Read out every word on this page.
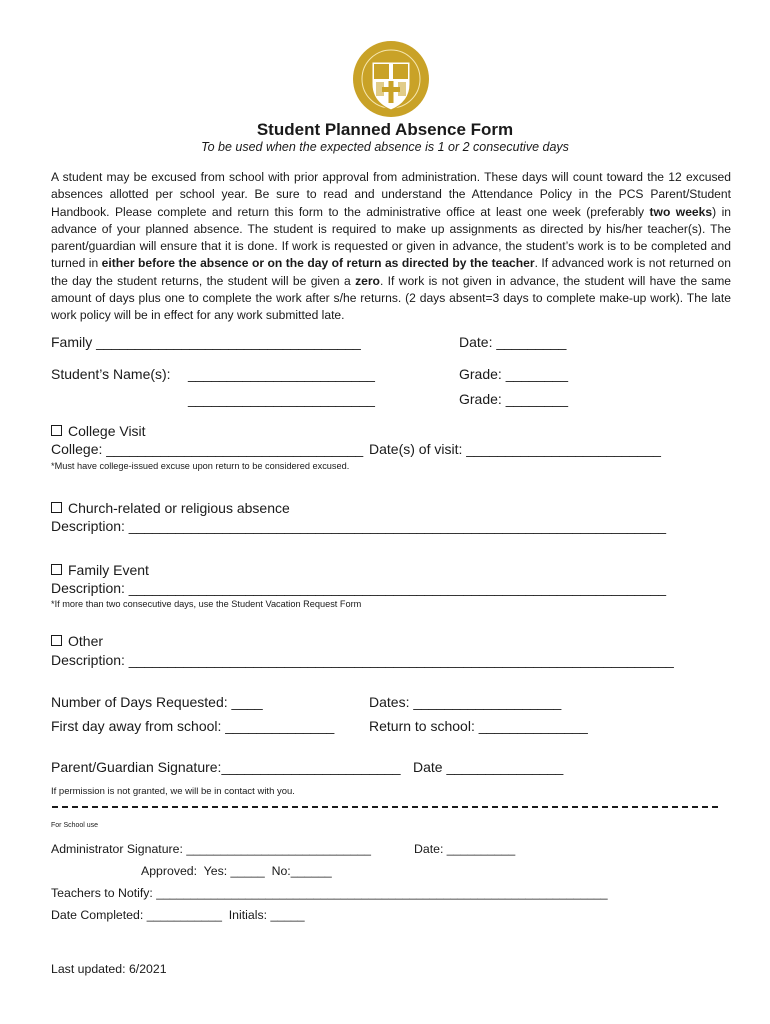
Student Planned Absence Form
To be used when the expected absence is 1 or 2 consecutive days
A student may be excused from school with prior approval from administration. These days will count toward the 12 excused absences allotted per school year. Be sure to read and understand the Attendance Policy in the PCS Parent/Student Handbook. Please complete and return this form to the administrative office at least one week (preferably two weeks) in advance of your planned absence. The student is required to make up assignments as directed by his/her teacher(s). The parent/guardian will ensure that it is done. If work is requested or given in advance, the student’s work is to be completed and turned in either before the absence or on the day of return as directed by the teacher. If advanced work is not returned on the day the student returns, the student will be given a zero. If work is not given in advance, the student will have the same amount of days plus one to complete the work after s/he returns. (2 days absent=3 days to complete make-up work). The late work policy will be in effect for any work submitted late.
Family __________________________________	Date: _________
Student’s Name(s): ________________________	Grade: ________
________________________	Grade: ________
College Visit
College: _________________________________ Date(s) of visit: _________________________
*Must have college-issued excuse upon return to be considered excused.
Church-related or religious absence
Description: _____________________________________________________________________
Family Event
Description: _____________________________________________________________________
*If more than two consecutive days, use the Student Vacation Request Form
Other
Description: ______________________________________________________________________
Number of Days Requested: ____	Dates: ___________________
First day away from school: ______________ Return to school: ______________
Parent/Guardian Signature:_______________________ Date _______________
If permission is not granted, we will be in contact with you.
For School use
Administrator Signature: ___________________________	Date: __________
Approved:  Yes: _____  No:______
Teachers to Notify: __________________________________________________________________
Date Completed: ___________  Initials: _____
Last updated: 6/2021
